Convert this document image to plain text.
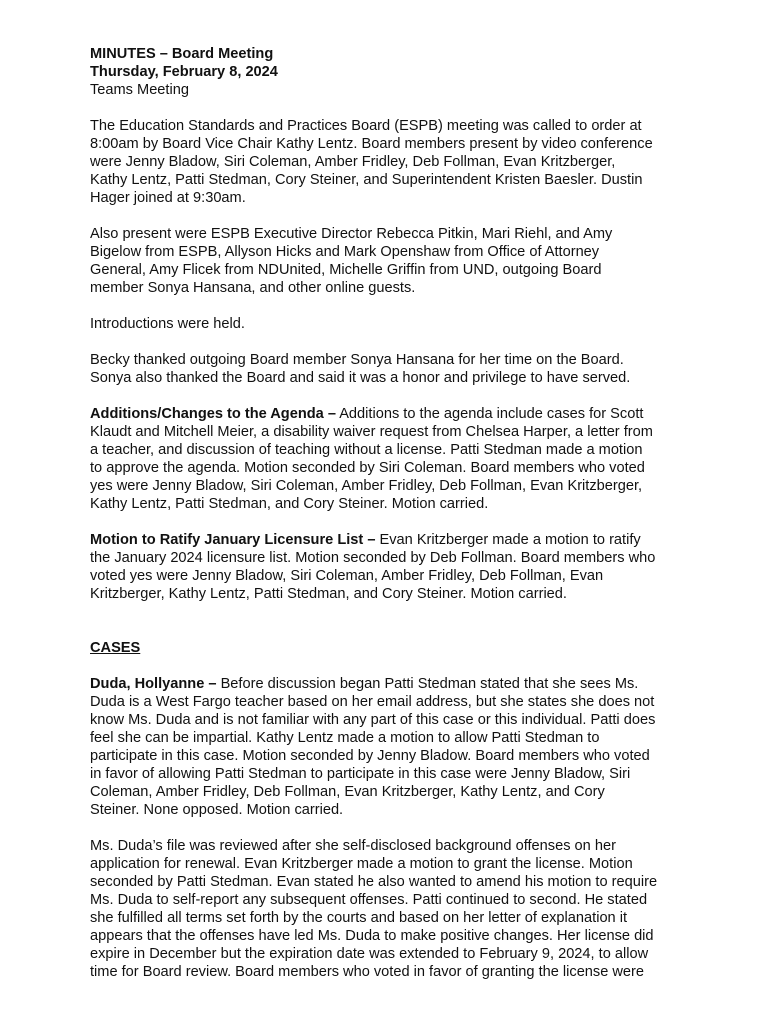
MINUTES – Board Meeting
Thursday, February 8, 2024
Teams Meeting
The Education Standards and Practices Board (ESPB) meeting was called to order at
8:00am by Board Vice Chair Kathy Lentz. Board members present by video conference
were Jenny Bladow, Siri Coleman, Amber Fridley, Deb Follman, Evan Kritzberger,
Kathy Lentz, Patti Stedman, Cory Steiner, and Superintendent Kristen Baesler. Dustin
Hager joined at 9:30am.
Also present were ESPB Executive Director Rebecca Pitkin, Mari Riehl, and Amy
Bigelow from ESPB, Allyson Hicks and Mark Openshaw from Office of Attorney
General, Amy Flicek from NDUnited, Michelle Griffin from UND, outgoing Board
member Sonya Hansana, and other online guests.
Introductions were held.
Becky thanked outgoing Board member Sonya Hansana for her time on the Board.
Sonya also thanked the Board and said it was a honor and privilege to have served.
Additions/Changes to the Agenda – Additions to the agenda include cases for Scott
Klaudt and Mitchell Meier, a disability waiver request from Chelsea Harper, a letter from
a teacher, and discussion of teaching without a license. Patti Stedman made a motion
to approve the agenda. Motion seconded by Siri Coleman. Board members who voted
yes were Jenny Bladow, Siri Coleman, Amber Fridley, Deb Follman, Evan Kritzberger,
Kathy Lentz, Patti Stedman, and Cory Steiner. Motion carried.
Motion to Ratify January Licensure List – Evan Kritzberger made a motion to ratify
the January 2024 licensure list. Motion seconded by Deb Follman. Board members who
voted yes were Jenny Bladow, Siri Coleman, Amber Fridley, Deb Follman, Evan
Kritzberger, Kathy Lentz, Patti Stedman, and Cory Steiner. Motion carried.
CASES
Duda, Hollyanne – Before discussion began Patti Stedman stated that she sees Ms.
Duda is a West Fargo teacher based on her email address, but she states she does not
know Ms. Duda and is not familiar with any part of this case or this individual. Patti does
feel she can be impartial. Kathy Lentz made a motion to allow Patti Stedman to
participate in this case. Motion seconded by Jenny Bladow. Board members who voted
in favor of allowing Patti Stedman to participate in this case were Jenny Bladow, Siri
Coleman, Amber Fridley, Deb Follman, Evan Kritzberger, Kathy Lentz, and Cory
Steiner. None opposed. Motion carried.
Ms. Duda’s file was reviewed after she self-disclosed background offenses on her
application for renewal. Evan Kritzberger made a motion to grant the license. Motion
seconded by Patti Stedman. Evan stated he also wanted to amend his motion to require
Ms. Duda to self-report any subsequent offenses. Patti continued to second. He stated
she fulfilled all terms set forth by the courts and based on her letter of explanation it
appears that the offenses have led Ms. Duda to make positive changes. Her license did
expire in December but the expiration date was extended to February 9, 2024, to allow
time for Board review. Board members who voted in favor of granting the license were
